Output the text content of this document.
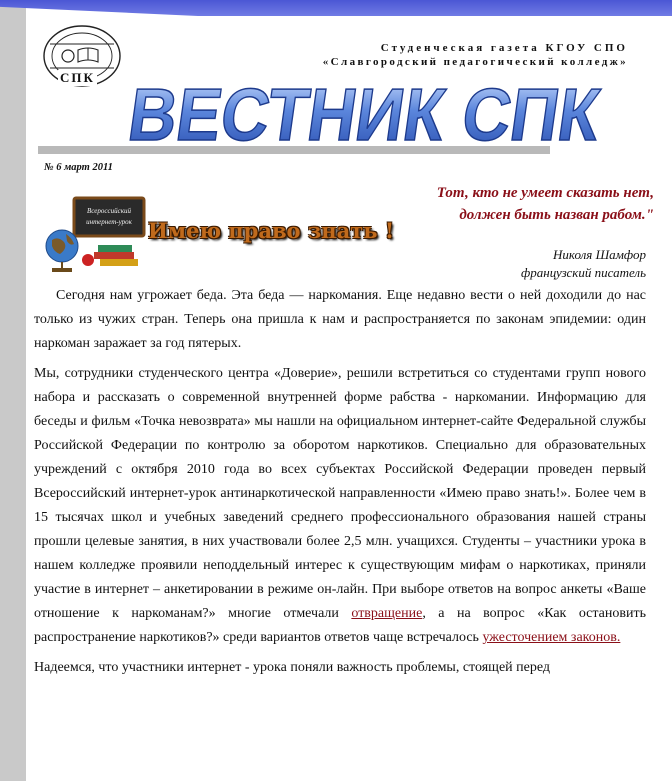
СПК
Студенческая газета КГОУ СПО
«Славгородский педагогический колледж»
ВЕСТНИК СПК
№ 6 март 2011
Тот, кто не умеет сказать нет,
должен быть назван рабом."
Николя Шамфор
французский писатель
Всероссийский
интернет-урок Имею право знать !

Сегодня нам угрожает беда. Эта беда — наркомания. Еще недавно вести о ней доходили до нас только из чужих стран. Теперь она пришла к нам и распространяется по законам эпидемии: один наркоман заражает за год пятерых.

Мы, сотрудники студенческого центра «Доверие», решили встретиться со студентами групп нового набора и рассказать о современной внутренней форме рабства - наркомании. Информацию для беседы и фильм «Точка невозврата» мы нашли на официальном интернет-сайте Федеральной службы Российской Федерации по контролю за оборотом наркотиков. Специально для образовательных учреждений с октября 2010 года во всех субъектах Российской Федерации проведен первый Всероссийский интернет-урок антинаркотической направленности «Имею право знать!». Более чем в 15 тысячах школ и учебных заведений среднего профессионального образования нашей страны прошли целевые занятия, в них участвовали более 2,5 млн. учащихся. Студенты – участники урока в нашем колледже проявили неподдельный интерес к существующим мифам о наркотиках, приняли участие в интернет – анкетировании в режиме он-лайн. При выборе ответов на вопрос анкеты «Ваше отношение к наркоманам?» многие отмечали отвращение, а на вопрос «Как остановить распространение наркотиков?» среди вариантов ответов чаще встречалось ужесточением законов.

Надеемся, что участники интернет - урока поняли важность проблемы, стоящей перед
